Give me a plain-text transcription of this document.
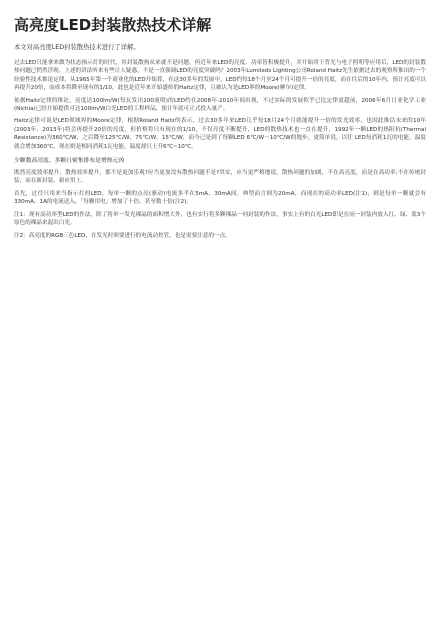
高亮度LED封装散热技术详解

本文对高亮度LED封装散热技术进行了详解。

过去LED只能拿来做为状态指示灯的时代，其封装散热从来就不是问题，但近年来LED的亮度、功率皆积极提升，并开始用于背光与电子照明等应用后，LED的封装散热问题已悄然浮现。上述的讲法听来有些让人疑惑，不是一直强调LED的亮度突破吗？2003年Lumileds Lighting公司Roland Haitz先生依据过去的观察所推出的一个经验性技术推论定律，从1965年第一个商业化的LED开始算，在这30多年的发展中，LED约每18个月至24个月可提升一倍的亮度，而在往后的10年内，预计亮度可以再提升20倍，而成本将降至现有的1/10，此也是近年来开始盛传的Haitz定律，且被认为是LED界的Moore(摩尔)定律。

依据Haitz定律的推论，亮度达100lm/W(每瓦发出100流明)的LED约在2008年-2010年间出现，不过实际的发展似乎已比定律更超前，2006年6月日亚化学工业(Nichia)已经开始提供可达100lm/W白光LED的工程样品，预计年底可正式投入量产。

Haitz定律可说是LED领域界的Moore定律，根据Roland Haitz的表示，过去30多年来LED几乎每18月24个月就能提升一倍的发光效率，也因此推估未来的10年(2003年、2013年)将会再提升20倍的亮度，但价格将只有现在的1/10，不仅亮度不断提升，LED的散热技术也一直在提升，1992年一颗LED的热阻抗(Thermal Resistance)为360℃/W，之后降至125℃/W、75℃/W、15℃/W，而今已是到了每颗LED 6℃/W～10℃/W的地步，更简单说，以往 LED每消耗1瓦的电能，温度就会增加360℃，现在则是相同消耗1瓦电能，温度却只上升6℃~10℃。

少颗数高亮度、多颗且密集排布是增热元凶

既然亮度效率提升，散热效率提升，那不是更加乐观?应当更加没有散热问题不是?其实，应当更严格地说，散热问题的加剧，不在高亮度，而是在高功率;不在传统封装，而在新封装、新应用上。

首先，过往只用来当指示灯的LED，每单一颗的点亮(驱动)电流多半在5mA、30mA间，典型而言则为20mA，而现在的高功率LED(注1)，则是每单一颗就会有330mA、1A的电流送入，「每颗用电」增加了十倍、甚至数十倍(注2)。

注1：现有高功率型LED的作法，除了将单一发光裸晶的面积增大外，也有实行将多颗裸晶一同封装的作法。事实上有的白光LED即是在同一封装内放入红、绿、蓝3个原色的裸晶来混出白光。

注2：高亮度的RGB三色LED，在发光时须要进行的电流动控管，也是需要注意的一点。
